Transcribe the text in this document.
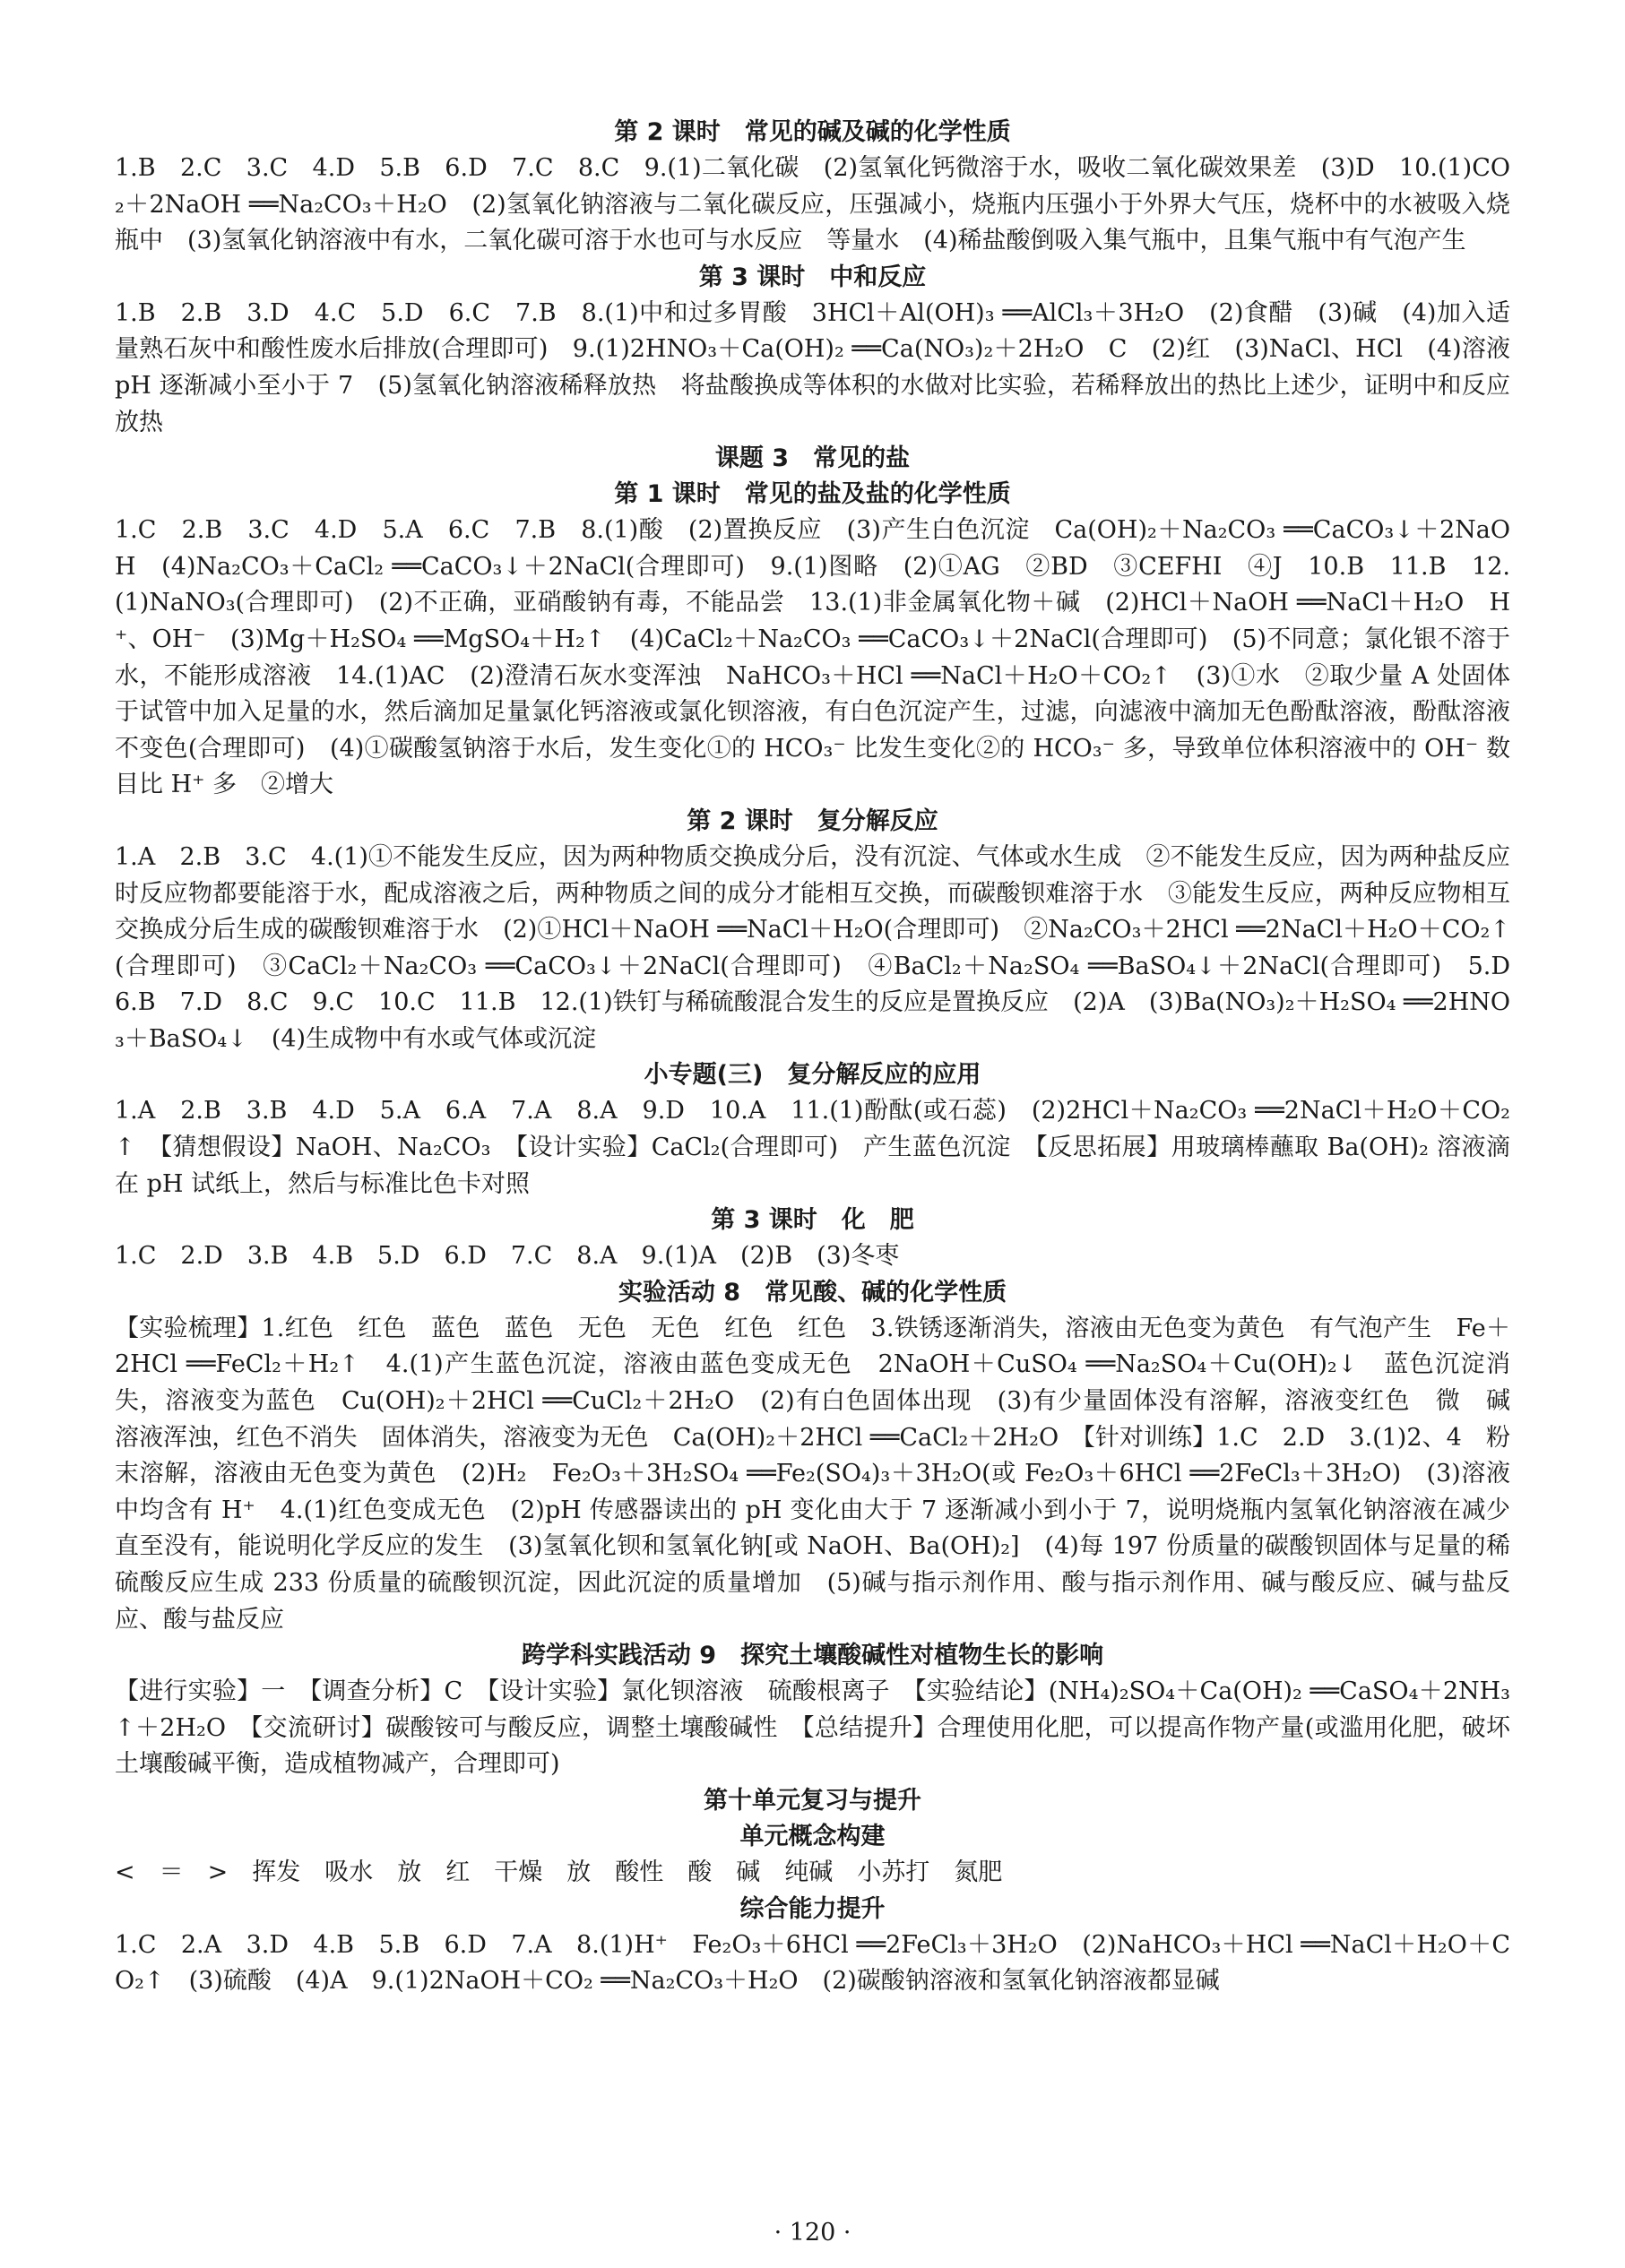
第 2 课时　常见的碱及碱的化学性质
1.B　2.C　3.C　4.D　5.B　6.D　7.C　8.C　9.(1)二氧化碳　(2)氢氧化钙微溶于水，吸收二氧化碳效果差　(3)D　10.(1)CO₂＋2NaOH ══Na₂CO₃＋H₂O　(2)氢氧化钠溶液与二氧化碳反应，压强减小，烧瓶内压强小于外界大气压，烧杯中的水被吸入烧瓶中　(3)氢氧化钠溶液中有水，二氧化碳可溶于水也可与水反应　等量水　(4)稀盐酸倒吸入集气瓶中，且集气瓶中有气泡产生
第 3 课时　中和反应
1.B　2.B　3.D　4.C　5.D　6.C　7.B　8.(1)中和过多胃酸　3HCl＋Al(OH)₃ ══AlCl₃＋3H₂O　(2)食醋　(3)碱　(4)加入适量熟石灰中和酸性废水后排放(合理即可)　9.(1)2HNO₃＋Ca(OH)₂ ══Ca(NO₃)₂＋2H₂O　C　(2)红　(3)NaCl、HCl　(4)溶液 pH 逐渐减小至小于 7　(5)氢氧化钠溶液稀释放热　将盐酸换成等体积的水做对比实验，若稀释放出的热比上述少，证明中和反应放热
课题 3　常见的盐
第 1 课时　常见的盐及盐的化学性质
1.C　2.B　3.C　4.D　5.A　6.C　7.B　8.(1)酸　(2)置换反应　(3)产生白色沉淀　Ca(OH)₂＋Na₂CO₃ ══CaCO₃↓＋2NaOH　(4)Na₂CO₃＋CaCl₂ ══CaCO₃↓＋2NaCl(合理即可)　9.(1)图略　(2)①AG　②BD　③CEFHI　④J　10.B　11.B　12.(1)NaNO₃(合理即可)　(2)不正确，亚硝酸钠有毒，不能品尝　13.(1)非金属氧化物＋碱　(2)HCl＋NaOH ══NaCl＋H₂O　H⁺、OH⁻　(3)Mg＋H₂SO₄ ══MgSO₄＋H₂↑　(4)CaCl₂＋Na₂CO₃ ══CaCO₃↓＋2NaCl(合理即可)　(5)不同意；氯化银不溶于水，不能形成溶液　14.(1)AC　(2)澄清石灰水变浑浊　NaHCO₃＋HCl ══NaCl＋H₂O＋CO₂↑　(3)①水　②取少量 A 处固体于试管中加入足量的水，然后滴加足量氯化钙溶液或氯化钡溶液，有白色沉淀产生，过滤，向滤液中滴加无色酚酞溶液，酚酞溶液不变色(合理即可)　(4)①碳酸氢钠溶于水后，发生变化①的 HCO₃⁻ 比发生变化②的 HCO₃⁻ 多，导致单位体积溶液中的 OH⁻ 数目比 H⁺ 多　②增大
第 2 课时　复分解反应
1.A　2.B　3.C　4.(1)①不能发生反应，因为两种物质交换成分后，没有沉淀、气体或水生成　②不能发生反应，因为两种盐反应时反应物都要能溶于水，配成溶液之后，两种物质之间的成分才能相互交换，而碳酸钡难溶于水　③能发生反应，两种反应物相互交换成分后生成的碳酸钡难溶于水　(2)①HCl＋NaOH ══NaCl＋H₂O(合理即可)　②Na₂CO₃＋2HCl ══2NaCl＋H₂O＋CO₂↑(合理即可)　③CaCl₂＋Na₂CO₃ ══CaCO₃↓＋2NaCl(合理即可)　④BaCl₂＋Na₂SO₄ ══BaSO₄↓＋2NaCl(合理即可)　5.D　6.B　7.D　8.C　9.C　10.C　11.B　12.(1)铁钉与稀硫酸混合发生的反应是置换反应　(2)A　(3)Ba(NO₃)₂＋H₂SO₄ ══2HNO₃＋BaSO₄↓　(4)生成物中有水或气体或沉淀
小专题(三)　复分解反应的应用
1.A　2.B　3.B　4.D　5.A　6.A　7.A　8.A　9.D　10.A　11.(1)酚酞(或石蕊)　(2)2HCl＋Na₂CO₃ ══2NaCl＋H₂O＋CO₂↑　【猜想假设】NaOH、Na₂CO₃　【设计实验】CaCl₂(合理即可)　产生蓝色沉淀　【反思拓展】用玻璃棒蘸取 Ba(OH)₂ 溶液滴在 pH 试纸上，然后与标准比色卡对照
第 3 课时　化　肥
1.C　2.D　3.B　4.B　5.D　6.D　7.C　8.A　9.(1)A　(2)B　(3)冬枣
实验活动 8　常见酸、碱的化学性质
【实验梳理】1.红色　红色　蓝色　蓝色　无色　无色　红色　红色　3.铁锈逐渐消失，溶液由无色变为黄色　有气泡产生　Fe＋2HCl ══FeCl₂＋H₂↑　4.(1)产生蓝色沉淀，溶液由蓝色变成无色　2NaOH＋CuSO₄ ══Na₂SO₄＋Cu(OH)₂↓　蓝色沉淀消失，溶液变为蓝色　Cu(OH)₂＋2HCl ══CuCl₂＋2H₂O　(2)有白色固体出现　(3)有少量固体没有溶解，溶液变红色　微　碱　溶液浑浊，红色不消失　固体消失，溶液变为无色　Ca(OH)₂＋2HCl ══CaCl₂＋2H₂O　【针对训练】1.C　2.D　3.(1)2、4　粉末溶解，溶液由无色变为黄色　(2)H₂　Fe₂O₃＋3H₂SO₄ ══Fe₂(SO₄)₃＋3H₂O(或 Fe₂O₃＋6HCl ══2FeCl₃＋3H₂O)　(3)溶液中均含有 H⁺　4.(1)红色变成无色　(2)pH 传感器读出的 pH 变化由大于 7 逐渐减小到小于 7，说明烧瓶内氢氧化钠溶液在减少直至没有，能说明化学反应的发生　(3)氢氧化钡和氢氧化钠[或 NaOH、Ba(OH)₂]　(4)每 197 份质量的碳酸钡固体与足量的稀硫酸反应生成 233 份质量的硫酸钡沉淀，因此沉淀的质量增加　(5)碱与指示剂作用、酸与指示剂作用、碱与酸反应、碱与盐反应、酸与盐反应
跨学科实践活动 9　探究土壤酸碱性对植物生长的影响
【进行实验】一　【调查分析】C　【设计实验】氯化钡溶液　硫酸根离子　【实验结论】(NH₄)₂SO₄＋Ca(OH)₂ ══CaSO₄＋2NH₃↑＋2H₂O　【交流研讨】碳酸铵可与酸反应，调整土壤酸碱性　【总结提升】合理使用化肥，可以提高作物产量(或滥用化肥，破坏土壤酸碱平衡，造成植物减产，合理即可)
第十单元复习与提升
单元概念构建
<　＝　>　挥发　吸水　放　红　干燥　放　酸性　酸　碱　纯碱　小苏打　氮肥
综合能力提升
1.C　2.A　3.D　4.B　5.B　6.D　7.A　8.(1)H⁺　Fe₂O₃＋6HCl ══2FeCl₃＋3H₂O　(2)NaHCO₃＋HCl ══NaCl＋H₂O＋CO₂↑　(3)硫酸　(4)A　9.(1)2NaOH＋CO₂ ══Na₂CO₃＋H₂O　(2)碳酸钠溶液和氢氧化钠溶液都显碱
· 120 ·
